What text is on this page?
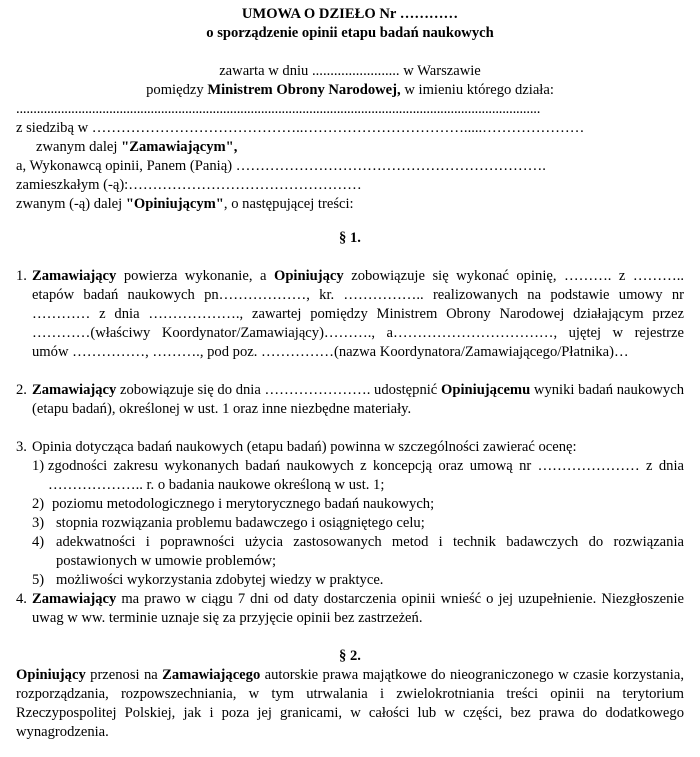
UMOWA O DZIEŁO Nr …………

o sporządzenie opinii etapu badań naukowych

zawarta w dniu ........................ w Warszawie
pomiędzy Ministrem Obrony Narodowej, w imieniu którego działa:
........................................................................................................................................................
z siedzibą w ……………………………………..…………………………….....…………………
zwanym dalej "Zamawiającym",
a, Wykonawcą opinii, Panem (Panią) ……………………………………………………….
zamieszkałym (-ą):…………………………………………
zwanym (-ą) dalej "Opiniującym", o następującej treści:

§ 1.

1. Zamawiający powierza wykonanie, a Opiniujący zobowiązuje się wykonać opinię, ………. z ……….. etapów badań naukowych pn………………, kr. …………….. realizowanych na podstawie umowy nr ………… z dnia ………………., zawartej pomiędzy Ministrem Obrony Narodowej działającym przez …………(właściwy Koordynator/Zamawiający)………., a……………………………, ujętej w rejestrze umów ……………, ………., pod poz. ……………(nazwa Koordynatora/Zamawiającego/Płatnika)…
2. Zamawiający zobowiązuje się do dnia …………………. udostępnić Opiniującemu wyniki badań naukowych (etapu badań), określonej w ust. 1 oraz inne niezbędne materiały.
3. Opinia dotycząca badań naukowych (etapu badań) powinna w szczególności zawierać ocenę:
1) zgodności zakresu wykonanych badań naukowych z koncepcją oraz umową nr ………………… z dnia ……………….. r. o badania naukowe określoną w ust. 1;
2) poziomu metodologicznego i merytorycznego badań naukowych;
3) stopnia rozwiązania problemu badawczego i osiągniętego celu;
4) adekwatności i poprawności użycia zastosowanych metod i technik badawczych do rozwiązania postawionych w umowie problemów;
5) możliwości wykorzystania zdobytej wiedzy w praktyce.
4. Zamawiający ma prawo w ciągu 7 dni od daty dostarczenia opinii wnieść o jej uzupełnienie. Niezgłoszenie uwag w ww. terminie uznaje się za przyjęcie opinii bez zastrzeżeń.

§ 2.

Opiniujący przenosi na Zamawiającego autorskie prawa majątkowe do nieograniczonego w czasie korzystania, rozporządzania, rozpowszechniania, w tym utrwalania i zwielokrotniania treści opinii na terytorium Rzeczypospolitej Polskiej, jak i poza jej granicami, w całości lub w części, bez prawa do dodatkowego wynagrodzenia.
